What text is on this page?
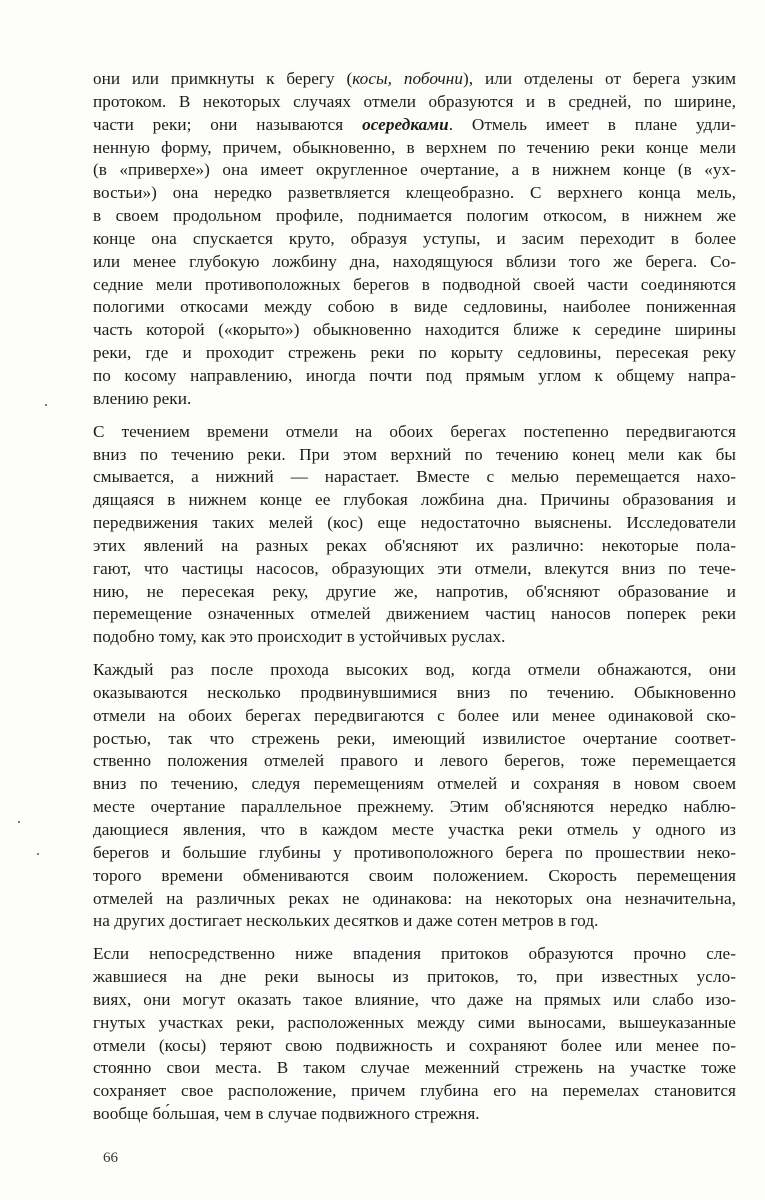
они или примкнуты к берегу (косы, побочни), или отделены от берега узким
протоком. В некоторых случаях отмели образуются и в средней, по ширине,
части реки; они называются осередками. Отмель имеет в плане удли-
ненную форму, причем, обыкновенно, в верхнем по течению реки конце мели
(в «приверхе») она имеет округленное очертание, а в нижнем конце (в «ух-
востьи») она нередко разветвляется клещеобразно. С верхнего конца мель,
в своем продольном профиле, поднимается пологим откосом, в нижнем же
конце она спускается круто, образуя уступы, и засим переходит в более
или менее глубокую ложбину дна, находящуюся вблизи того же берега. Со-
седние мели противоположных берегов в подводной своей части соединяются
пологими откосами между собою в виде седловины, наиболее пониженная
часть которой («корыто») обыкновенно находится ближе к середине ширины
реки, где и проходит стрежень реки по корыту седловины, пересекая реку
по косому направлению, иногда почти под прямым углом к общему напра-
влению реки.
С течением времени отмели на обоих берегах постепенно передвигаются
вниз по течению реки. При этом верхний по течению конец мели как бы
смывается, а нижний — нарастает. Вместе с мелью перемещается нахо-
дящаяся в нижнем конце ее глубокая ложбина дна. Причины образования и
передвижения таких мелей (кос) еще недостаточно выяснены. Исследователи
этих явлений на разных реках об'ясняют их различно: некоторые пола-
гают, что частицы насосов, образующих эти отмели, влекутся вниз по тече-
нию, не пересекая реку, другие же, напротив, об'ясняют образование и
перемещение означенных отмелей движением частиц наносов поперек реки
подобно тому, как это происходит в устойчивых руслах.
Каждый раз после прохода высоких вод, когда отмели обнажаются, они
оказываются несколько продвинувшимися вниз по течению. Обыкновенно
отмели на обоих берегах передвигаются с более или менее одинаковой ско-
ростью, так что стрежень реки, имеющий извилистое очертание соответ-
ственно положения отмелей правого и левого берегов, тоже перемещается
вниз по течению, следуя перемещениям отмелей и сохраняя в новом своем
месте очертание параллельное прежнему. Этим об'ясняются нередко наблю-
дающиеся явления, что в каждом месте участка реки отмель у одного из
берегов и большие глубины у противоположного берега по прошествии неко-
торого времени обмениваются своим положением. Скорость перемещения
отмелей на различных реках не одинакова: на некоторых она незначительна,
на других достигает нескольких десятков и даже сотен метров в год.
Если непосредственно ниже впадения притоков образуются прочно сле-
жавшиеся на дне реки выносы из притоков, то, при известных усло-
виях, они могут оказать такое влияние, что даже на прямых или слабо изо-
гнутых участках реки, расположенных между сими выносами, вышеуказанные
отмели (косы) теряют свою подвижность и сохраняют более или менее по-
стоянно свои места. В таком случае меженний стрежень на участке тоже
сохраняет свое расположение, причем глубина его на перемелах становится
вообще бо́льшая, чем в случае подвижного стрежня.
66
